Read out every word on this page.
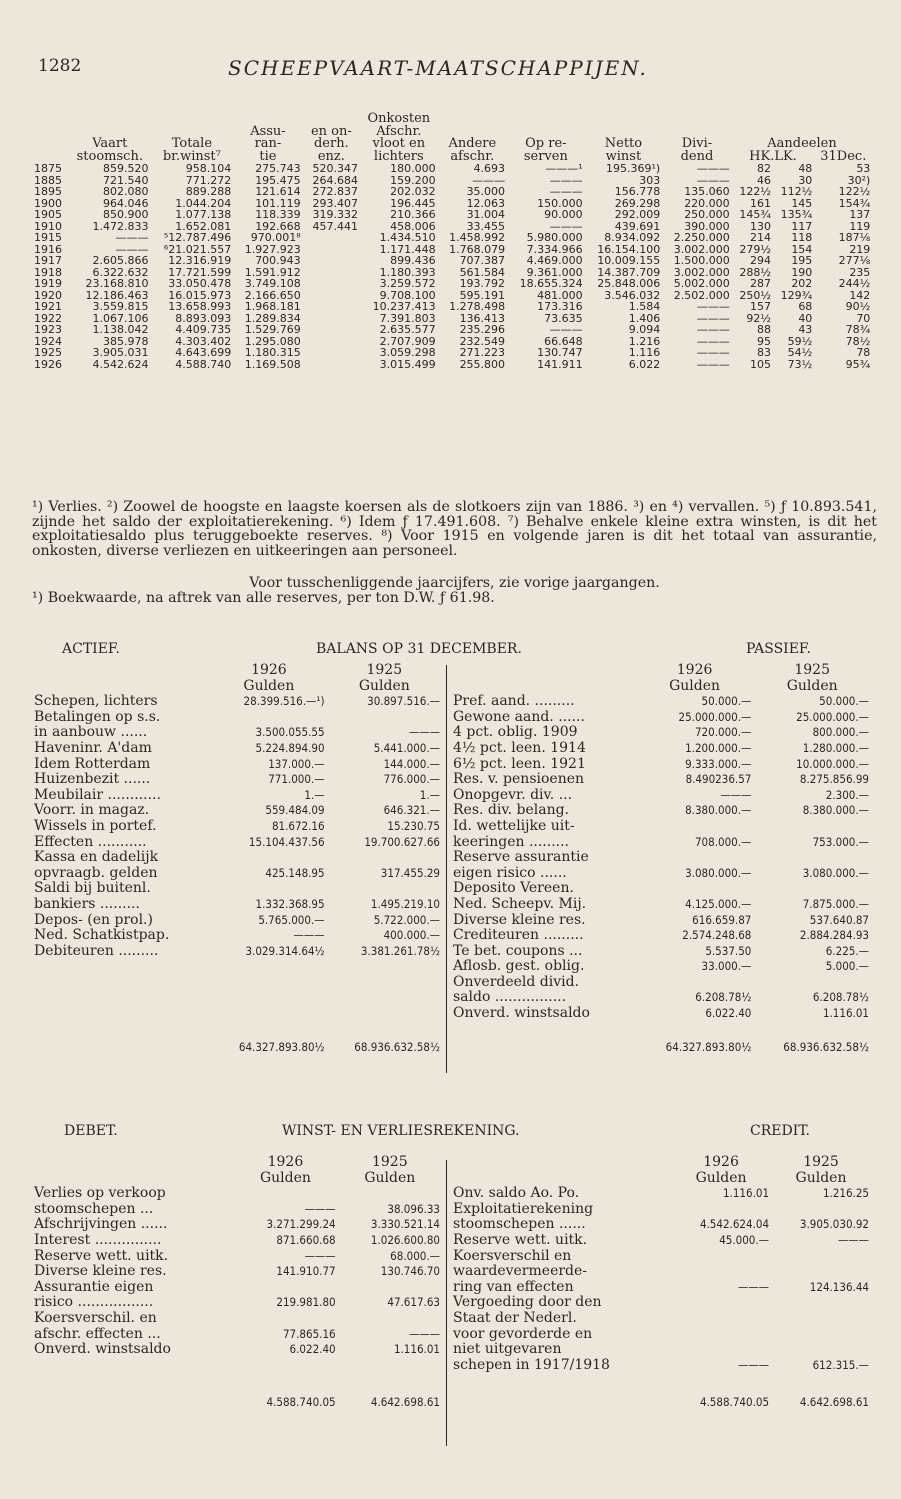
1282	SCHEEPVAART-MAATSCHAPPIJEN.
					Onkosten								
			Assu-	en on-	Afschr.								
	Vaart	Totale	ran-	derh.	vloot en	Andere	Op re-	Netto	Divi-	Aandeelen			
	stoomsch.	br.winst⁷	tie	enz.	lichters	afschr.	serven	winst	dend	HK.LK.		31Dec.	
1875	859.520	958.104	275.743	520.347	180.000	4.693	———¹	195.369¹)	———	82	48	53	
1885	721.540	771.272	195.475	264.684	159.200	———	———	303	———	46	30	30²)	
1895	802.080	889.288	121.614	272.837	202.032	35.000	———	156.778	135.060	122½	112½	122½	
1900	964.046	1.044.204	101.119	293.407	196.445	12.063	150.000	269.298	220.000	161	145	154¾	
1905	850.900	1.077.138	118.339	319.332	210.366	31.004	90.000	292.009	250.000	145¾	135¾	137	
1910	1.472.833	1.652.081	192.668	457.441	458.006	33.455	———	439.691	390.000	130	117	119	
1915	———	⁵12.787.496	970.001⁸		1.434.510	1.458.992	5.980.000	8.934.092	2.250.000	214	118	187⅛	
1916	———	⁶21.021.557	1.927.923		1.171.448	1.768.079	7.334.966	16.154.100	3.002.000	279½	154	219	
1917	2.605.866	12.316.919	700.943		899.436	707.387	4.469.000	10.009.155	1.500.000	294	195	277⅛	
1918	6.322.632	17.721.599	1.591.912		1.180.393	561.584	9.361.000	14.387.709	3.002.000	288½	190	235	
1919	23.168.810	33.050.478	3.749.108		3.259.572	193.792	18.655.324	25.848.006	5.002.000	287	202	244½	
1920	12.186.463	16.015.973	2.166.650		9.708.100	595.191	481.000	3.546.032	2.502.000	250½	129¾	142	
1921	3.559.815	13.658.993	1.968.181		10.237.413	1.278.498	173.316	1.584	———	157	68	90½	
1922	1.067.106	8.893.093	1.289.834		7.391.803	136.413	73.635	1.406	———	92½	40	70	
1923	1.138.042	4.409.735	1.529.769		2.635.577	235.296	———	9.094	———	88	43	78¾	
1924	385.978	4.303.402	1.295.080		2.707.909	232.549	66.648	1.216	———	95	59½	78½	
1925	3.905.031	4.643.699	1.180.315		3.059.298	271.223	130.747	1.116	———	83	54½	78	
1926	4.542.624	4.588.740	1.169.508		3.015.499	255.800	141.911	6.022	———	105	73½	95¾	

¹) Verlies. ²) Zoowel de hoogste en laagste koersen als de slotkoers zijn van 1886. ³) en ⁴) vervallen. ⁵) ƒ 10.893.541, zijnde het saldo der exploitatierekening. ⁶) Idem ƒ 17.491.608. ⁷) Behalve enkele kleine extra winsten, is dit het exploitatiesaldo plus teruggeboekte reserves. ⁸) Voor 1915 en volgende jaren is dit het totaal van assurantie, onkosten, diverse verliezen en uitkeeringen aan personeel.

Voor tusschenliggende jaarcijfers, zie vorige jaargangen.

¹) Boekwaarde, na aftrek van alle reserves, per ton D.W. ƒ 61.98.

ACTIEF.	BALANS OP 31 DECEMBER.	PASSIEF.
	1926	1925
	Gulden	Gulden
Schepen, lichters	28.399.516.—¹)	30.897.516.—
Betalingen op s.s.		
in aanbouw ......	3.500.055.55	———
Haveninr. A'dam	5.224.894.90	5.441.000.—
Idem Rotterdam	137.000.—	144.000.—
Huizenbezit ......	771.000.—	776.000.—
Meubilair ............	1.—	1.—
Voorr. in magaz.	559.484.09	646.321.—
Wissels in portef.	81.672.16	15.230.75
Effecten ...........	15.104.437.56	19.700.627.66
Kassa en dadelijk		
opvraagb. gelden	425.148.95	317.455.29
Saldi bij buitenl.		
bankiers .........	1.332.368.95	1.495.219.10
Depos- (en prol.)	5.765.000.—	5.722.000.—
Ned. Schatkistpap.	———	400.000.—
Debiteuren .........	3.029.314.64½	3.381.261.78½

	64.327.893.80½	68.936.632.58½
	1926	1925
	Gulden	Gulden
Pref. aand. .........	50.000.—	50.000.—
Gewone aand. ......	25.000.000.—	25.000.000.—
4 pct. oblig. 1909	720.000.—	800.000.—
4½ pct. leen. 1914	1.200.000.—	1.280.000.—
6½ pct. leen. 1921	9.333.000.—	10.000.000.—
Res. v. pensioenen	8.490236.57	8.275.856.99
Onopgevr. div. ...	———	2.300.—
Res. div. belang.	8.380.000.—	8.380.000.—
Id. wettelijke uit-		
keeringen .........	708.000.—	753.000.—
Reserve assurantie		
eigen risico ......	3.080.000.—	3.080.000.—
Deposito Vereen.		
Ned. Scheepv. Mij.	4.125.000.—	7.875.000.—
Diverse kleine res.	616.659.87	537.640.87
Crediteuren .........	2.574.248.68	2.884.284.93
Te bet. coupons ...	5.537.50	6.225.—
Aflosb. gest. oblig.	33.000.—	5.000.—
Onverdeeld divid.		
saldo ................	6.208.78½	6.208.78½
Onverd. winstsaldo	6.022.40	1.116.01

	64.327.893.80½	68.936.632.58½
DEBET.	WINST- EN VERLIESREKENING.	CREDIT.
	1926	1925
	Gulden	Gulden
Verlies op verkoop		
stoomschepen ...	———	38.096.33
Afschrijvingen ......	3.271.299.24	3.330.521.14
Interest ...............	871.660.68	1.026.600.80
Reserve wett. uitk.	———	68.000.—
Diverse kleine res.	141.910.77	130.746.70
Assurantie eigen		
risico .................	219.981.80	47.617.63
Koersverschil. en		
afschr. effecten ...	77.865.16	———
Onverd. winstsaldo	6.022.40	1.116.01

	4.588.740.05	4.642.698.61
	1926	1925
	Gulden	Gulden
Onv. saldo Ao. Po.	1.116.01	1.216.25
Exploitatierekening		
stoomschepen ......	4.542.624.04	3.905.030.92
Reserve wett. uitk.	45.000.—	———
Koersverschil en		
waardevermeerde-		
ring van effecten	———	124.136.44
Vergoeding door den		
Staat der Nederl.		
voor gevorderde en		
niet uitgevaren		
schepen in 1917/1918	———	612.315.—

	4.588.740.05	4.642.698.61
